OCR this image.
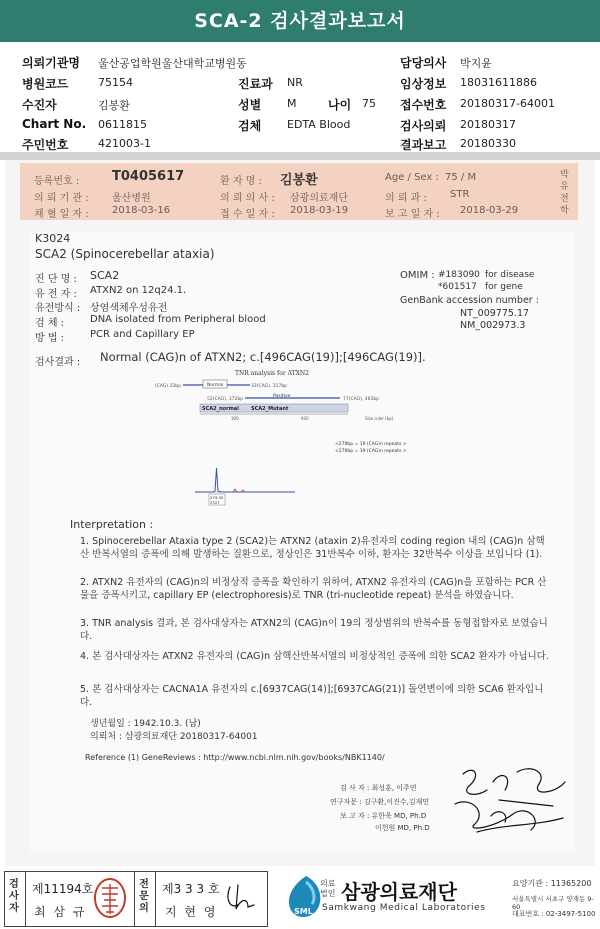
SCA-2 검사결과보고서
의뢰기관명 울산공업학원울산대학교병원동	담당의사 박지윤
병원코드	75154	진료과 NR	임상정보 18031611886
수진자	김봉환	성별 M	나이 75 접수번호 20180317-64001
Chart No. 0611815	검체 EDTA Blood	검사의뢰 20180317
주민번호	421003-1	결과보고 20180330
등록번호 :	T0405617	환 자 명 : 김봉환	Age / Sex : 75 / M
의 뢰 기 관 : 울산병원	의 뢰 의 사 : 삼광의료재단	의 뢰 과 : STR
채 혈 일 자 : 2018-03-16	접 수 일 자 : 2018-03-19	보 고 일 자 : 2018-03-29
박 유 전 학
K3024
SCA2 (Spinocerebellar ataxia)
진 단 명 : SCA2
유 전 자 : ATXN2 on 12q24.1.
유전방식 : 상염색체우성유전
검 체 :	DNA isolated from Peripheral blood
방 법 :	PCR and Capillary EP
OMIM : #183090 for disease
*601517 for gene
GenBank accession number :
NT_009775.17
NM_002973.3
검사결과 : Normal (CAG)n of ATXN2; c.[496CAG(19)];[496CAG(19)].
TNR analysis for ATXN2
(CAG) 23bp	Normal	32(CAG), 317bp
52(CAG), 372bp
Positive
77(CAG), 463bp
SCA2_normal SCA2_Mutant
300	400	Size ruler (bp)
<279bp = 19 (CAG)n repeats >
<279bp = 19 (CAG)n repeats >
279.45
3327
Interpretation :
1. Spinocerebellar Ataxia type 2 (SCA2)는 ATXN2 (ataxin 2)유전자의 coding region 내의 (CAG)n 삼핵산 반복서열의 증폭에 의해 발생하는 질환으로, 정상인은 31반복수 이하, 환자는 32반복수 이상을 보입니다 (1).
2. ATXN2 유전자의 (CAG)n의 비정상적 증폭을 확인하기 위하여, ATXN2 유전자의 (CAG)n을 포함하는 PCR 산물을 증폭시키고, capillary EP (electrophoresis)로 TNR (tri-nucleotide repeat) 분석을 하였습니다.
3. TNR analysis 결과, 본 검사대상자는 ATXN2의 (CAG)n이 19의 정상범위의 반복수를 동형접합자로 보였습니다.
4. 본 검사대상자는 ATXN2 유전자의 (CAG)n 삼핵산반복서열의 비정상적인 증폭에 의한 SCA2 환자가 아닙니다.
5. 본 검사대상자는 CACNA1A 유전자의 c.[6937CAG(14)];[6937CAG(21)] 돌연변이에 의한 SCA6 환자입니다.
생년월일 : 1942.10.3. (남)
의뢰처 : 삼광의료재단 20180317-64001
Reference (1) GeneReviews : http://www.ncbi.nlm.nih.gov/books/NBK1140/
검 사 자 : 최성훈, 이주연
연구자문 : 김구환,이진수,김재민
보 고 자 : 유한욱 MD, Ph.D
이헌원 MD, Ph.D
검사자
제11194호
최 삼 규
전문의
제3 3 3 호
지 현 영	SML
의료
법인 삼광의료재단
Samkwang Medical Laboratories
요양기관 : 11365200
서울특별시 서초구 양재동 9-60
대표번호 : 02-3497-5100
